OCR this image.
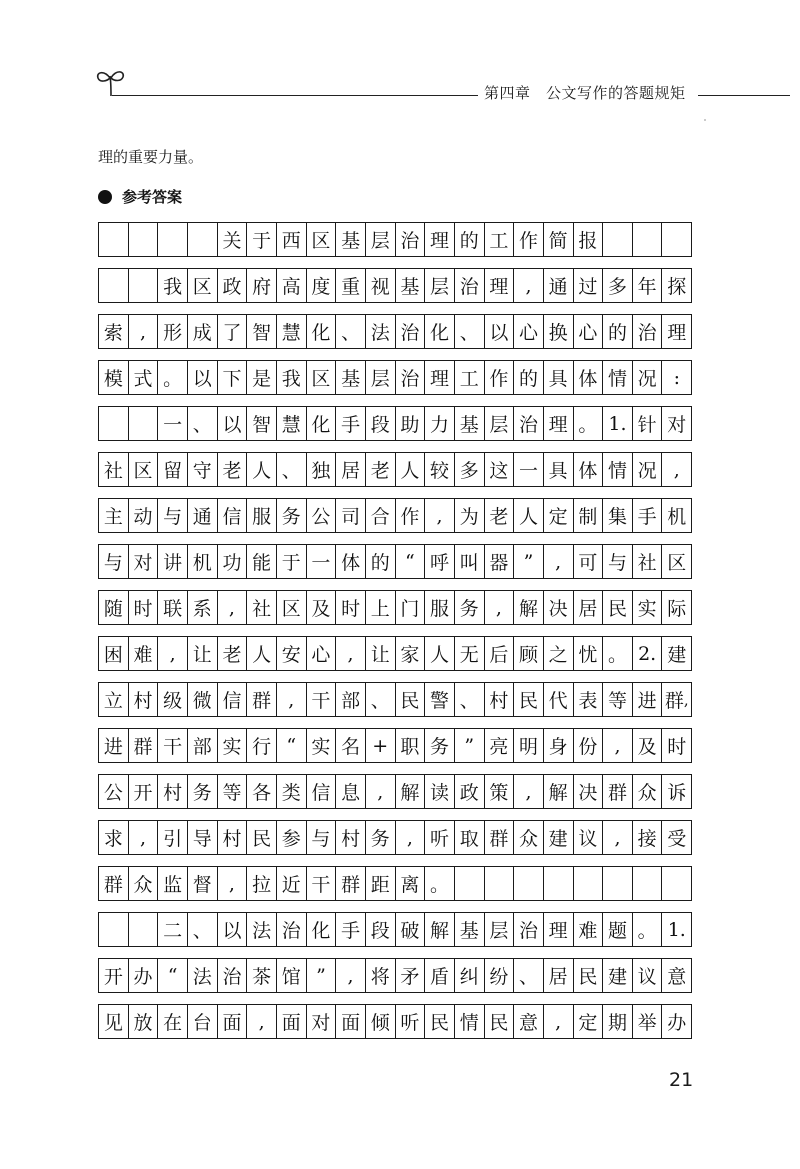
第四章　公文写作的答题规矩
理的重要力量。
参考答案
关 于 西 区 基 层 治 理 的 工 作 简 报
我 区 政 府 高 度 重 视 基 层 治 理 , 通 过 多 年 探
索 , 形 成 了 智 慧 化 、 法 治 化 、 以 心 换 心 的 治 理
模 式 。 以 下 是 我 区 基 层 治 理 工 作 的 具 体 情 况 :
一 、 以 智 慧 化 手 段 助 力 基 层 治 理 。 1. 针 对
社 区 留 守 老 人 、 独 居 老 人 较 多 这 一 具 体 情 况 ,
主 动 与 通 信 服 务 公 司 合 作 , 为 老 人 定 制 集 手 机
与 对 讲 机 功 能 于 一 体 的 “ 呼 叫 器 ”	, 可 与 社 区
随 时 联 系 , 社 区 及 时 上 门 服 务 , 解 决 居 民 实 际
困 难 , 让 老 人 安 心 , 让 家 人 无 后 顾 之 忧 。 2. 建
立 村 级 微 信 群 , 干 部 、 民 警 、 村 民 代 表 等 进 群 ,
进 群 干 部 实 行 “ 实 名 + 职 务 ” 亮 明 身 份 , 及 时
公 开 村 务 等 各 类 信 息 , 解 读 政 策 , 解 决 群 众 诉
求 , 引 导 村 民 参 与 村 务 , 听 取 群 众 建 议 , 接 受
群 众 监 督 , 拉 近 干 群 距 离 。
二 、 以 法 治 化 手 段 破 解 基 层 治 理 难 题 。 1.
开 办 “ 法 治 茶 馆 ”	, 将 矛 盾 纠 纷 、 居 民 建 议 意
见 放 在 台 面 , 面 对 面 倾 听 民 情 民 意 , 定 期 举 办
21
